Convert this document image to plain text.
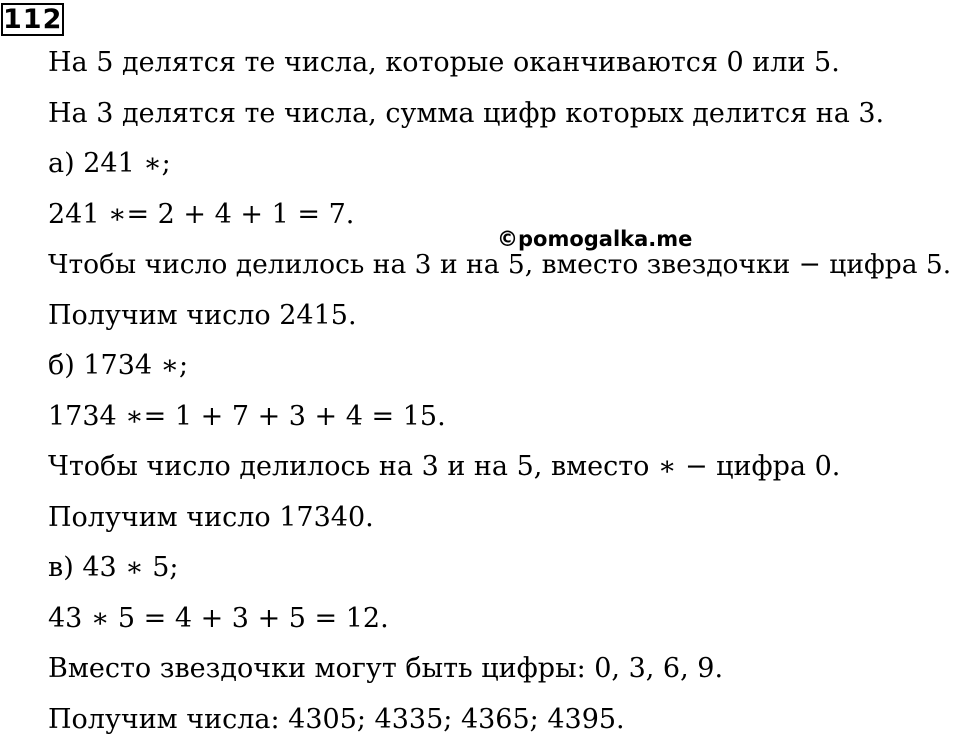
112
На 5 делятся те числа, которые оканчиваются 0 или 5.
На 3 делятся те числа, сумма цифр которых делится на 3.
а) 241 ∗;
241 ∗= 2 + 4 + 1 = 7.
Чтобы число делилось на 3 и на 5, вместо звездочки − цифра 5.
Получим число 2415.
б) 1734 ∗;
1734 ∗= 1 + 7 + 3 + 4 = 15.
Чтобы число делилось на 3 и на 5, вместо ∗ − цифра 0.
Получим число 17340.
в) 43 ∗ 5;
43 ∗ 5 = 4 + 3 + 5 = 12.
Вместо звездочки могут быть цифры: 0, 3, 6, 9.
Получим числа: 4305; 4335; 4365; 4395.
©pomogalka.me
